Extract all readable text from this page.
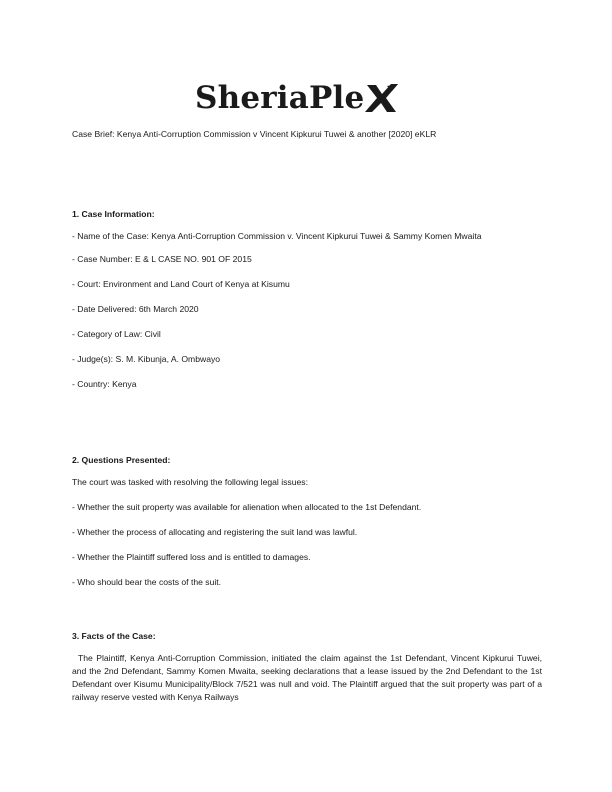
SheriaPle
Case Brief: Kenya Anti-Corruption Commission v Vincent Kipkurui Tuwei & another [2020] eKLR
1. Case Information:

- Name of the Case: Kenya Anti-Corruption Commission v. Vincent Kipkurui Tuwei & Sammy Komen Mwaita

- Case Number: E & L CASE NO. 901 OF 2015

- Court: Environment and Land Court of Kenya at Kisumu

- Date Delivered: 6th March 2020

- Category of Law: Civil

- Judge(s): S. M. Kibunja, A. Ombwayo

- Country: Kenya

2. Questions Presented:

The court was tasked with resolving the following legal issues:

- Whether the suit property was available for alienation when allocated to the 1st Defendant.

- Whether the process of allocating and registering the suit land was lawful.

- Whether the Plaintiff suffered loss and is entitled to damages.

- Who should bear the costs of the suit.

3. Facts of the Case:

The Plaintiff, Kenya Anti-Corruption Commission, initiated the claim against the 1st Defendant, Vincent Kipkurui Tuwei, and the 2nd Defendant, Sammy Komen Mwaita, seeking declarations that a lease issued by the 2nd Defendant to the 1st Defendant over Kisumu Municipality/Block 7/521 was null and void. The Plaintiff argued that the suit property was part of a railway reserve vested with Kenya Railways
